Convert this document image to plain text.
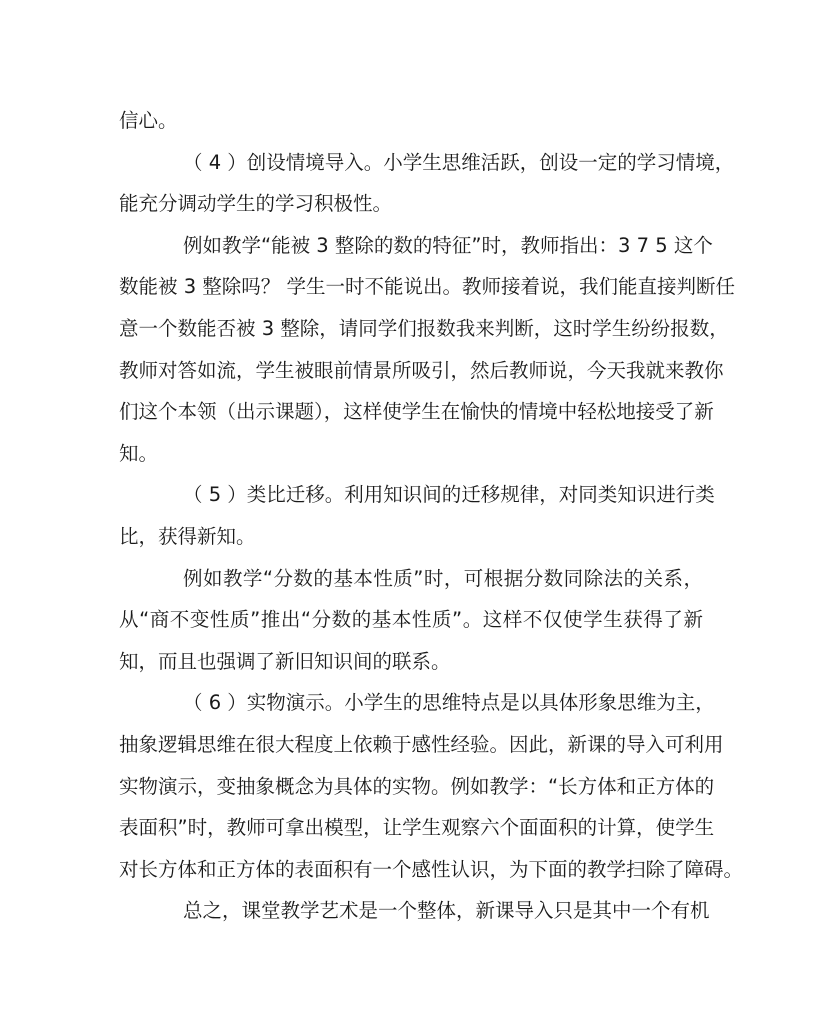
信心。
（ 4 ）创设情境导入。小学生思维活跃，创设一定的学习情境，
能充分调动学生的学习积极性。
例如教学“能被 3 整除的数的特征”时，教师指出：3 7 5 这个
数能被 3 整除吗？ 学生一时不能说出。教师接着说，我们能直接判断任
意一个数能否被 3 整除，请同学们报数我来判断，这时学生纷纷报数，
教师对答如流，学生被眼前情景所吸引，然后教师说，今天我就来教你
们这个本领（出示课题），这样使学生在愉快的情境中轻松地接受了新
知。
（ 5 ）类比迁移。利用知识间的迁移规律，对同类知识进行类
比，获得新知。
例如教学“分数的基本性质”时，可根据分数同除法的关系，
从“商不变性质”推出“分数的基本性质”。这样不仅使学生获得了新
知，而且也强调了新旧知识间的联系。
（ 6 ）实物演示。小学生的思维特点是以具体形象思维为主，
抽象逻辑思维在很大程度上依赖于感性经验。因此，新课的导入可利用
实物演示，变抽象概念为具体的实物。例如教学：“长方体和正方体的
表面积”时，教师可拿出模型，让学生观察六个面面积的计算，使学生
对长方体和正方体的表面积有一个感性认识，为下面的教学扫除了障碍。
总之，课堂教学艺术是一个整体，新课导入只是其中一个有机
